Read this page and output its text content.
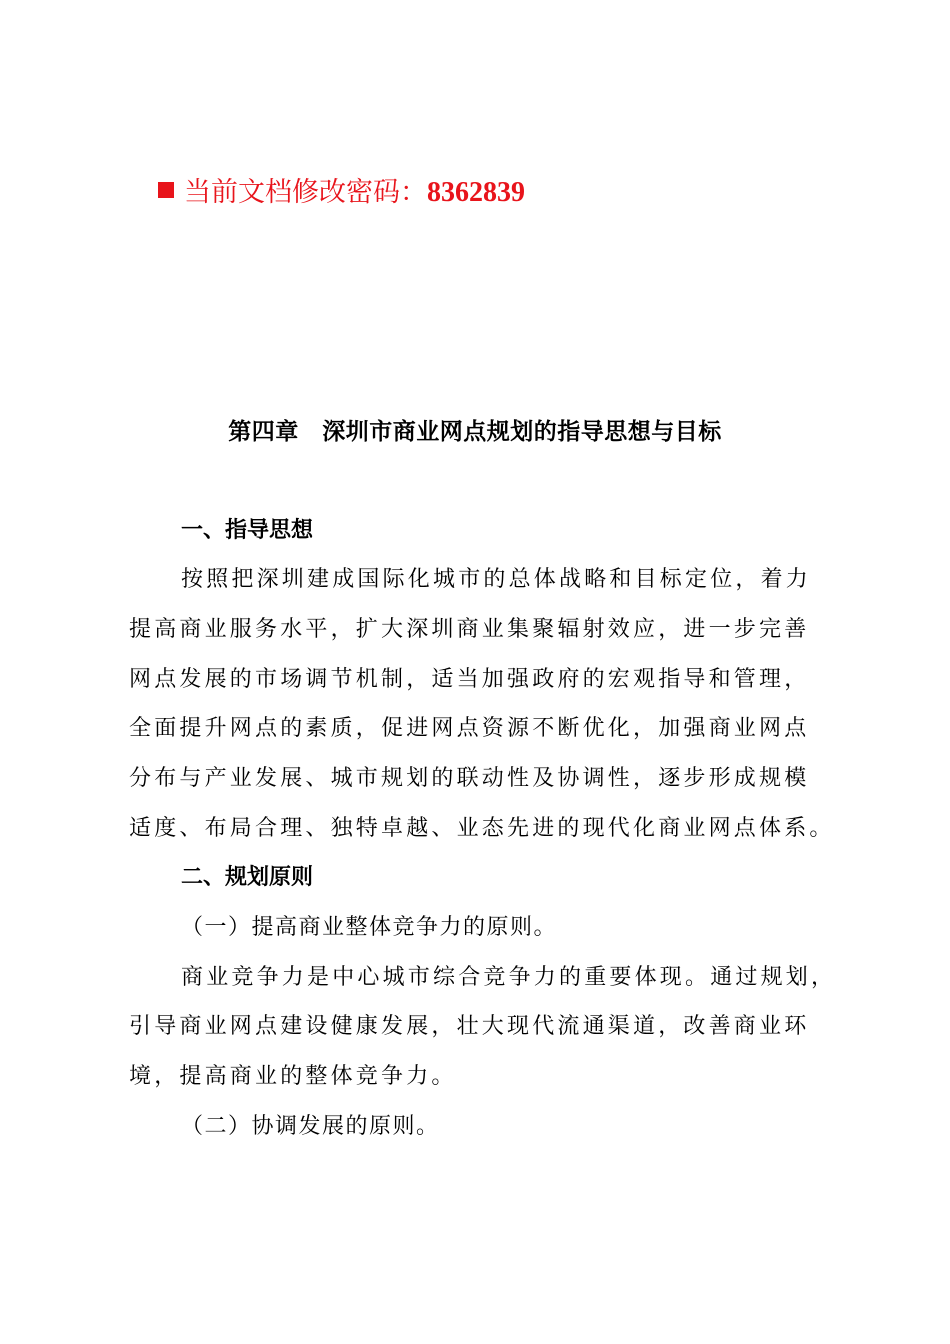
当前文档修改密码：8362839
第四章　深圳市商业网点规划的指导思想与目标
一、指导思想
按照把深圳建成国际化城市的总体战略和目标定位，着力
提高商业服务水平，扩大深圳商业集聚辐射效应，进一步完善
网点发展的市场调节机制，适当加强政府的宏观指导和管理，
全面提升网点的素质，促进网点资源不断优化，加强商业网点
分布与产业发展、城市规划的联动性及协调性，逐步形成规模
适度、布局合理、独特卓越、业态先进的现代化商业网点体系。
二、规划原则
（一）提高商业整体竞争力的原则。
商业竞争力是中心城市综合竞争力的重要体现。通过规划，
引导商业网点建设健康发展，壮大现代流通渠道，改善商业环
境，提高商业的整体竞争力。
（二）协调发展的原则。
